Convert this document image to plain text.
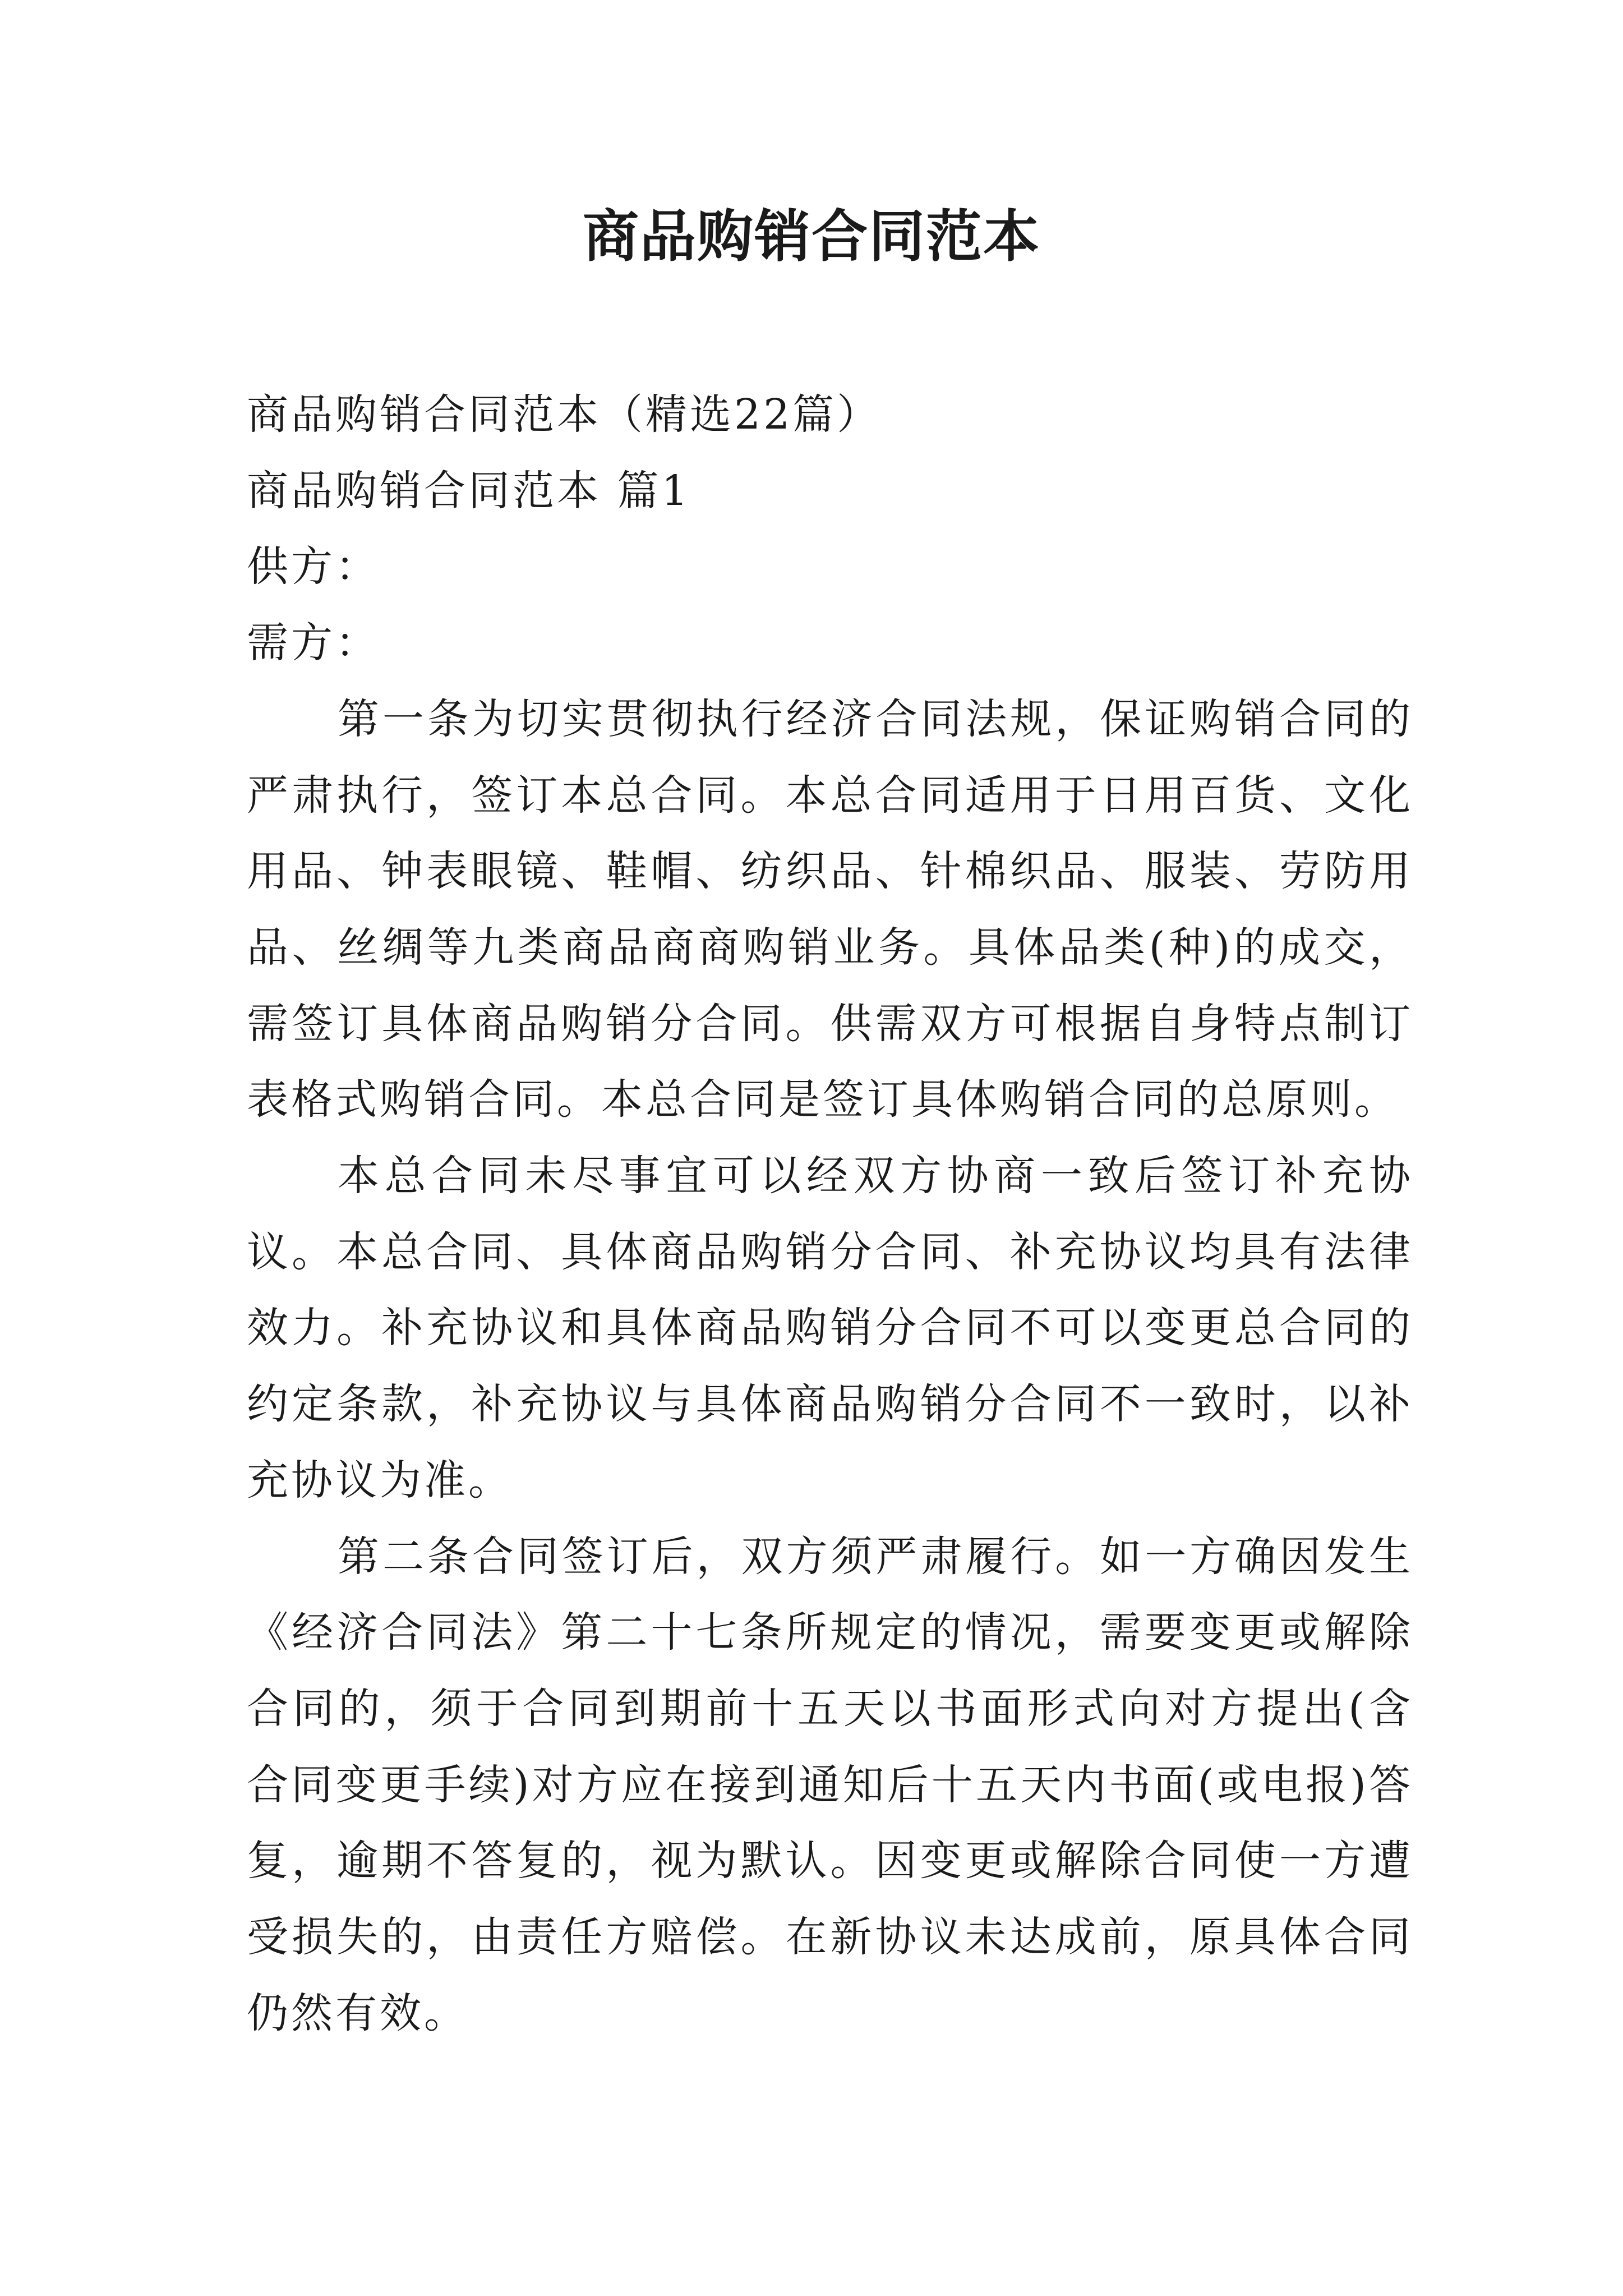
商品购销合同范本

商品购销合同范本（精选22篇）

商品购销合同范本 篇1

供方：

需方：

第一条为切实贯彻执行经济合同法规，保证购销合同的严肃执行，签订本总合同。本总合同适用于日用百货、文化用品、钟表眼镜、鞋帽、纺织品、针棉织品、服装、劳防用品、丝绸等九类商品商商购销业务。具体品类(种)的成交，需签订具体商品购销分合同。供需双方可根据自身特点制订表格式购销合同。本总合同是签订具体购销合同的总原则。

本总合同未尽事宜可以经双方协商一致后签订补充协议。本总合同、具体商品购销分合同、补充协议均具有法律效力。补充协议和具体商品购销分合同不可以变更总合同的约定条款，补充协议与具体商品购销分合同不一致时，以补充协议为准。

第二条合同签订后，双方须严肃履行。如一方确因发生《经济合同法》第二十七条所规定的情况，需要变更或解除合同的，须于合同到期前十五天以书面形式向对方提出(含合同变更手续)对方应在接到通知后十五天内书面(或电报)答复，逾期不答复的，视为默认。因变更或解除合同使一方遭受损失的，由责任方赔偿。在新协议未达成前，原具体合同仍然有效。
